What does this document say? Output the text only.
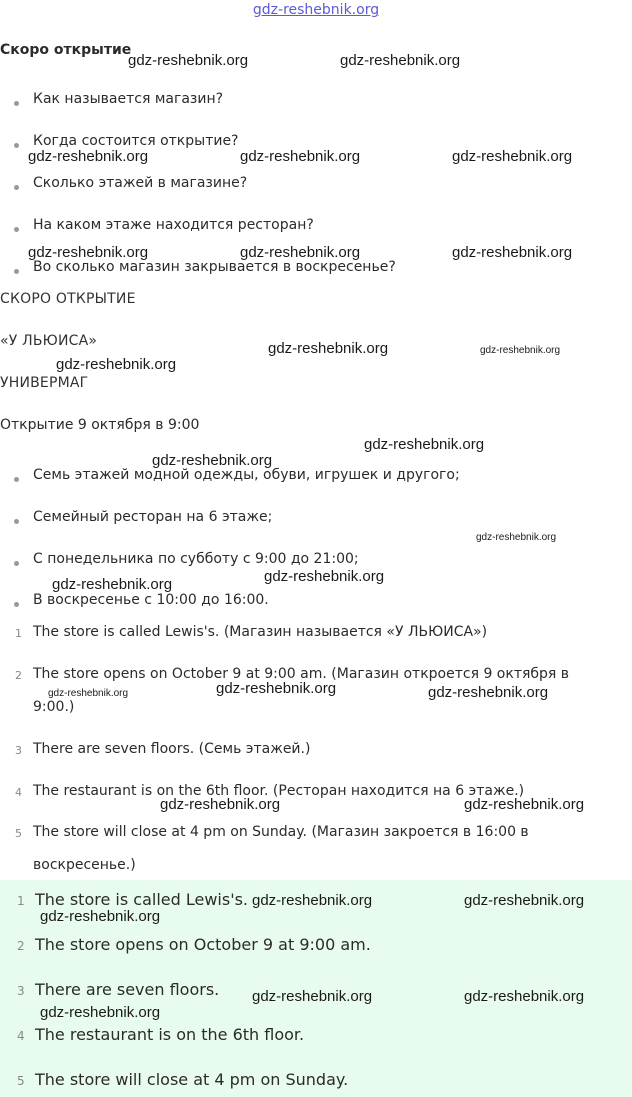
gdz-reshebnik.org
Скоро открытие
Как называется магазин?
Когда состоится открытие?
Сколько этажей в магазине?
На каком этаже находится ресторан?
Во сколько магазин закрывается в воскресенье?
СКОРО ОТКРЫТИЕ
«У ЛЬЮИСА»
УНИВЕРМАГ
Открытие 9 октября в 9:00
Семь этажей модной одежды, обуви, игрушек и другого;
Семейный ресторан на 6 этаже;
С понедельника по субботу с 9:00 до 21:00;
В воскресенье с 10:00 до 16:00.
1 The store is called Lewis's. (Магазин называется «У ЛЬЮИСА»)
2 The store opens on October 9 at 9:00 am. (Магазин откроется 9 октября в
9:00.)
3 There are seven floors. (Семь этажей.)
4 The restaurant is on the 6th floor. (Ресторан находится на 6 этаже.)
5 The store will close at 4 pm on Sunday. (Магазин закроется в 16:00 в
воскресенье.)
1 The store is called Lewis's.
2 The store opens on October 9 at 9:00 am.
3 There are seven floors.
4 The restaurant is on the 6th floor.
5 The store will close at 4 pm on Sunday.
gdz-reshebnik.org	gdz-reshebnik.org
gdz-reshebnik.org	gdz-reshebnik.org	gdz-reshebnik.org
gdz-reshebnik.org	gdz-reshebnik.org	gdz-reshebnik.org
gdz-reshebnik.org	gdz-reshebnik.org
gdz-reshebnik.org
gdz-reshebnik.org
gdz-reshebnik.org
gdz-reshebnik.org
gdz-reshebnik.org
gdz-reshebnik.org
gdz-reshebnik.org
gdz-reshebnik.org	gdz-reshebnik.org
gdz-reshebnik.org	gdz-reshebnik.org
gdz-reshebnik.org	gdz-reshebnik.org
gdz-reshebnik.org
gdz-reshebnik.org	gdz-reshebnik.org
gdz-reshebnik.org
